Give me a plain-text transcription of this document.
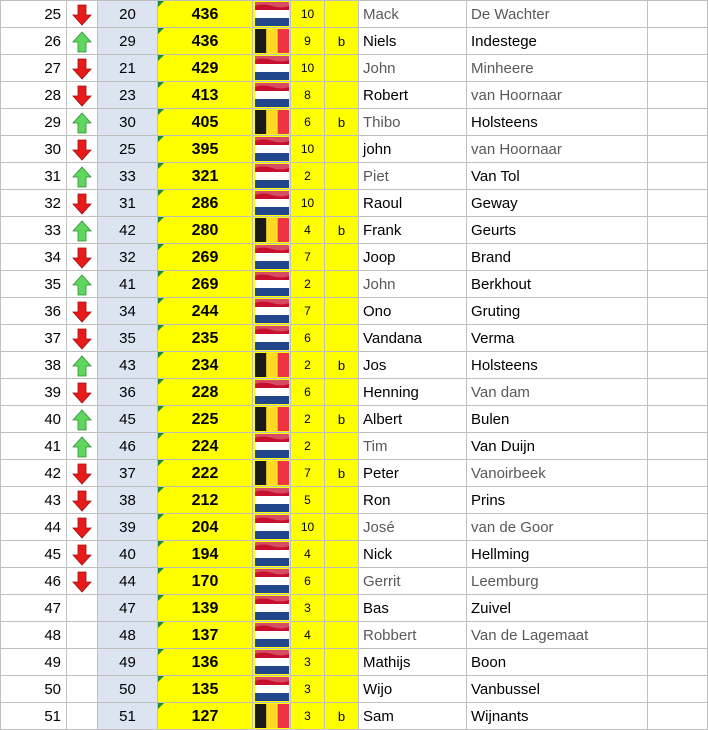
25		20	436		10		Mack	De Wachter	
26		29	436		9	b	Niels	Indestege	
27		21	429		10		John	Minheere	
28		23	413		8		Robert	van Hoornaar	
29		30	405		6	b	Thibo	Holsteens	
30		25	395		10		john	van Hoornaar	
31		33	321		2		Piet	Van Tol	
32		31	286		10		Raoul	Geway	
33		42	280		4	b	Frank	Geurts	
34		32	269		7		Joop	Brand	
35		41	269		2		John	Berkhout	
36		34	244		7		Ono	Gruting	
37		35	235		6		Vandana	Verma	
38		43	234		2	b	Jos	Holsteens	
39		36	228		6		Henning	Van dam	
40		45	225		2	b	Albert	Bulen	
41		46	224		2		Tim	Van Duijn	
42		37	222		7	b	Peter	Vanoirbeek	
43		38	212		5		Ron	Prins	
44		39	204		10		José	van de Goor	
45		40	194		4		Nick	Hellming	
46		44	170		6		Gerrit	Leemburg	
47		47	139		3		Bas	Zuivel	
48		48	137		4		Robbert	Van de Lagemaat	
49		49	136		3		Mathijs	Boon	
50		50	135		3		Wijo	Vanbussel	
51		51	127		3	b	Sam	Wijnants	
